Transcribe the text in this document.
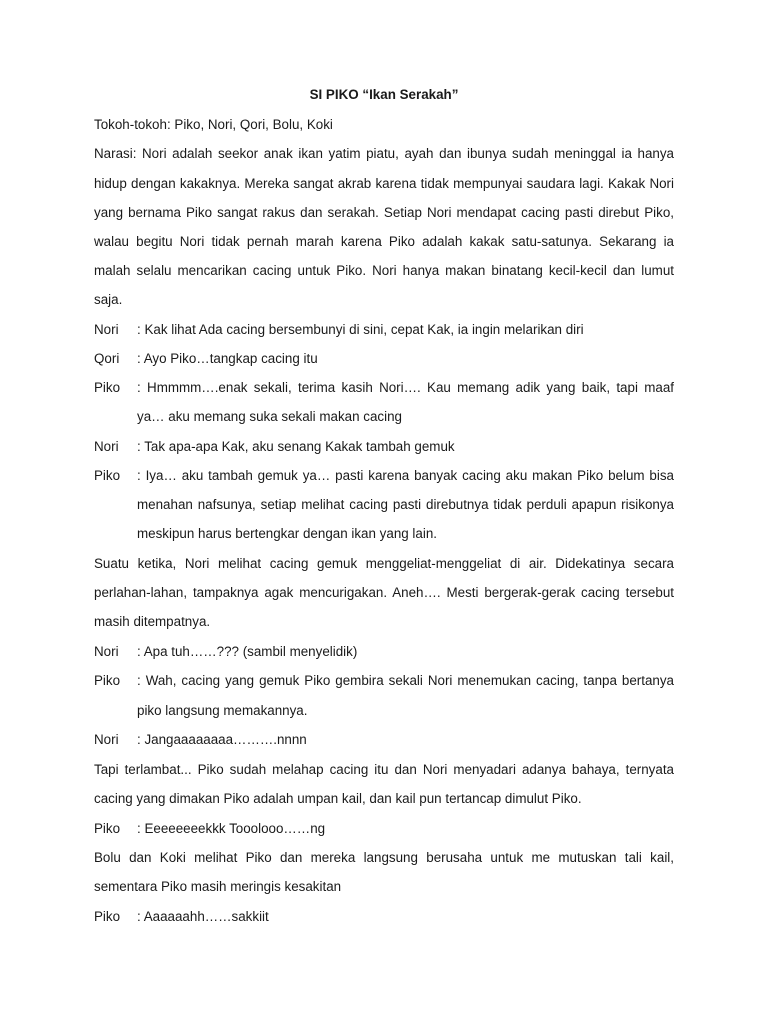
SI PIKO “Ikan Serakah”
Tokoh-tokoh: Piko, Nori, Qori, Bolu, Koki
Narasi: Nori adalah seekor anak ikan yatim piatu, ayah dan ibunya sudah meninggal ia hanya
hidup dengan kakaknya. Mereka sangat akrab karena tidak mempunyai saudara lagi. Kakak Nori
yang bernama Piko sangat rakus dan serakah. Setiap Nori mendapat cacing pasti direbut Piko,
walau begitu Nori tidak pernah marah karena Piko adalah kakak satu-satunya. Sekarang ia
malah selalu mencarikan cacing untuk Piko. Nori hanya makan binatang kecil-kecil dan lumut
saja.
Nori : Kak lihat Ada cacing bersembunyi di sini, cepat Kak, ia ingin melarikan diri
Qori : Ayo Piko…tangkap cacing itu
Piko : Hmmmm….enak sekali, terima kasih Nori…. Kau memang adik yang baik, tapi maaf
ya… aku memang suka sekali makan cacing
Nori : Tak apa-apa Kak, aku senang Kakak tambah gemuk
Piko : Iya… aku tambah gemuk ya… pasti karena banyak cacing aku makan Piko belum bisa
menahan nafsunya, setiap melihat cacing pasti direbutnya tidak perduli apapun risikonya
meskipun harus bertengkar dengan ikan yang lain.
Suatu ketika, Nori melihat cacing gemuk menggeliat-menggeliat di air. Didekatinya secara
perlahan-lahan, tampaknya agak mencurigakan. Aneh…. Mesti bergerak-gerak cacing tersebut
masih ditempatnya.
Nori : Apa tuh……??? (sambil menyelidik)
Piko : Wah, cacing yang gemuk Piko gembira sekali Nori menemukan cacing, tanpa bertanya
piko langsung memakannya.
Nori : Jangaaaaaaaa……….nnnn
Tapi terlambat... Piko sudah melahap cacing itu dan Nori menyadari adanya bahaya, ternyata
cacing yang dimakan Piko adalah umpan kail, dan kail pun tertancap dimulut Piko.
Piko : Eeeeeeeekkk Tooolooo……ng
Bolu dan Koki melihat Piko dan mereka langsung berusaha untuk me mutuskan tali kail,
sementara Piko masih meringis kesakitan
Piko : Aaaaaahh……sakkiit
